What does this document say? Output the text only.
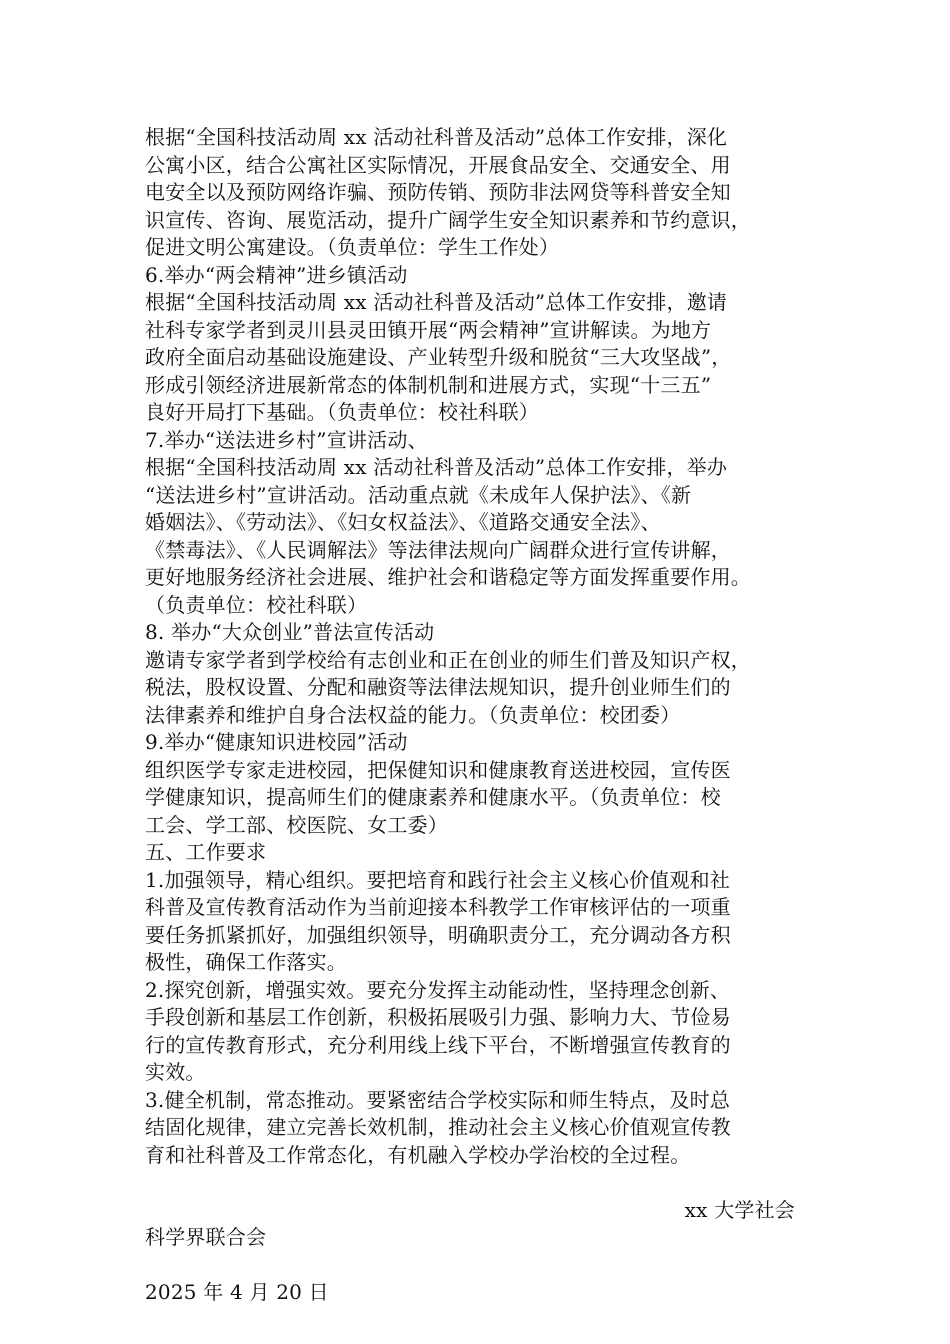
根据“全国科技活动周 xx 活动社科普及活动”总体工作安排，深化
公寓小区，结合公寓社区实际情况，开展食品安全、交通安全、用
电安全以及预防网络诈骗、预防传销、预防非法网贷等科普安全知
识宣传、咨询、展览活动，提升广阔学生安全知识素养和节约意识，
促进文明公寓建设。（负责单位：学生工作处）
6.举办“两会精神”进乡镇活动
根据“全国科技活动周 xx 活动社科普及活动”总体工作安排，邀请
社科专家学者到灵川县灵田镇开展“两会精神”宣讲解读。为地方
政府全面启动基础设施建设、产业转型升级和脱贫“三大攻坚战”，
形成引领经济进展新常态的体制机制和进展方式，实现“十三五”
良好开局打下基础。（负责单位：校社科联）
7.举办“送法进乡村”宣讲活动、
根据“全国科技活动周 xx 活动社科普及活动”总体工作安排，举办
“送法进乡村”宣讲活动。活动重点就《未成年人保护法》、《新
婚姻法》、《劳动法》、《妇女权益法》、《道路交通安全法》、
《禁毒法》、《人民调解法》等法律法规向广阔群众进行宣传讲解，
更好地服务经济社会进展、维护社会和谐稳定等方面发挥重要作用。
（负责单位：校社科联）
8. 举办“大众创业”普法宣传活动
邀请专家学者到学校给有志创业和正在创业的师生们普及知识产权，
税法，股权设置、分配和融资等法律法规知识，提升创业师生们的
法律素养和维护自身合法权益的能力。（负责单位：校团委）
9.举办“健康知识进校园”活动
组织医学专家走进校园，把保健知识和健康教育送进校园，宣传医
学健康知识，提高师生们的健康素养和健康水平。（负责单位：校
工会、学工部、校医院、女工委）
五、工作要求
1.加强领导，精心组织。要把培育和践行社会主义核心价值观和社
科普及宣传教育活动作为当前迎接本科教学工作审核评估的一项重
要任务抓紧抓好，加强组织领导，明确职责分工，充分调动各方积
极性，确保工作落实。
2.探究创新，增强实效。要充分发挥主动能动性，坚持理念创新、
手段创新和基层工作创新，积极拓展吸引力强、影响力大、节俭易
行的宣传教育形式，充分利用线上线下平台，不断增强宣传教育的
实效。
3.健全机制，常态推动。要紧密结合学校实际和师生特点，及时总
结固化规律，建立完善长效机制，推动社会主义核心价值观宣传教
育和社科普及工作常态化，有机融入学校办学治校的全过程。
xx 大学社会
科学界联合会
2025 年 4 月 20 日
